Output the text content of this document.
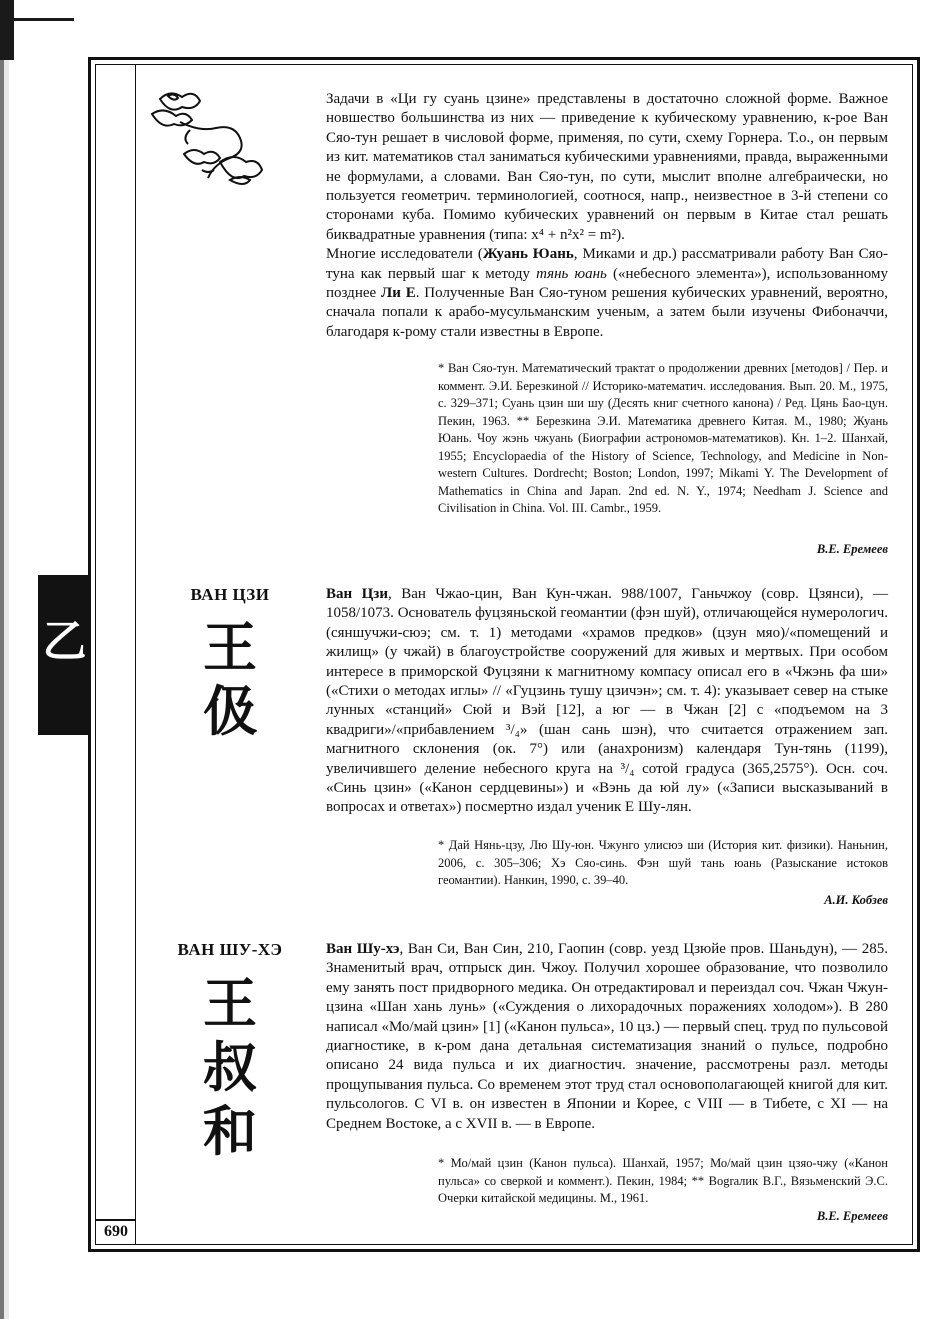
690
乙

Задачи в «Ци гу суань цзине» представлены в достаточно сложной форме. Важное новшество большинства из них — приведение к кубическому уравнению, к-рое Ван Сяо-тун решает в числовой форме, применяя, по сути, схему Горнера. Т.о., он первым из кит. математиков стал заниматься кубическими уравнениями, правда, выраженными не формулами, а словами. Ван Сяо-тун, по сути, мыслит вполне алгебраически, но пользуется геометрич. терминологией, соотнося, напр., неизвестное в 3-й степени со сторонами куба. Помимо кубических уравнений он первым в Китае стал решать биквадратные уравнения (типа: x⁴ + n²x² = m²).

Многие исследователи (Жуань Юань, Миками и др.) рассматривали работу Ван Сяо-туна как первый шаг к методу тянь юань («небесного элемента»), использованному позднее Ли Е. Полученные Ван Сяо-туном решения кубических уравнений, вероятно, сначала попали к арабо-мусульманским ученым, а затем были изучены Фибоначчи, благодаря к-рому стали известны в Европе.

* Ван Сяо-тун. Математический трактат о продолжении древних [методов] / Пер. и коммент. Э.И. Березкиной // Историко-математич. исследования. Вып. 20. М., 1975, с. 329–371; Суань цзин ши шу (Десять книг счетного канона) / Ред. Цянь Бао-цун. Пекин, 1963. ** Березкина Э.И. Математика древнего Китая. М., 1980; Жуань Юань. Чоу жэнь чжуань (Биографии астрономов-математиков). Кн. 1–2. Шанхай, 1955; Encyclopaedia of the History of Science, Technology, and Medicine in Non-western Cultures. Dordrecht; Boston; London, 1997; Mikami Y. The Development of Mathematics in China and Japan. 2nd ed. N. Y., 1974; Needham J. Science and Civilisation in China. Vol. III. Cambr., 1959.

В.Е. Еремеев
ВАН ЦЗИ
王
伋

Ван Цзи, Ван Чжао-цин, Ван Кун-чжан. 988/1007, Ганьчжоу (совр. Цзянси), — 1058/1073. Основатель фуцзяньской геомантии (фэн шуй), отличающейся нумерологич. (сяншучжи-сюэ; см. т. 1) методами «храмов предков» (цзун мяо)/«помещений и жилищ» (у чжай) в благоустройстве сооружений для живых и мертвых. При особом интересе в приморской Фуцзяни к магнитному компасу описал его в «Чжэнь фа ши» («Стихи о методах иглы» // «Гуцзинь тушу цзичэн»; см. т. 4): указывает север на стыке лунных «станций» Сюй и Вэй [12], а юг — в Чжан [2] с «подъемом на 3 квадриги»/«прибавлением ³/₄» (шан сань шэн), что считается отражением зап. магнитного склонения (ок. 7°) или (анахронизм) календаря Тун-тянь (1199), увеличившего деление небесного круга на ³/₄ сотой градуса (365,2575°). Осн. соч. «Синь цзин» («Канон сердцевины») и «Вэнь да юй лу» («Записи высказываний в вопросах и ответах») посмертно издал ученик Е Шу-лян.

* Дай Нянь-цзу, Лю Шу-юн. Чжунго улисюэ ши (История кит. физики). Наньнин, 2006, с. 305–306; Хэ Сяо-синь. Фэн шуй тань юань (Разыскание истоков геомантии). Нанкин, 1990, с. 39–40.

А.И. Кобзев
ВАН ШУ-ХЭ
王
叔
和

Ван Шу-хэ, Ван Си, Ван Син, 210, Гаопин (совр. уезд Цзюйе пров. Шаньдун), — 285. Знаменитый врач, отпрыск дин. Чжоу. Получил хорошее образование, что позволило ему занять пост придворного медика. Он отредактировал и переиздал соч. Чжан Чжун-цзина «Шан хань лунь» («Суждения о лихорадочных поражениях холодом»). В 280 написал «Мо/май цзин» [1] («Канон пульса», 10 цз.) — первый спец. труд по пульсовой диагностике, в к-ром дана детальная систематизация знаний о пульсе, подробно описано 24 вида пульса и их диагностич. значение, рассмотрены разл. методы прощупывания пульса. Со временем этот труд стал основополагающей книгой для кит. пульсологов. С VI в. он известен в Японии и Корее, с VIII — в Тибете, с XI — на Среднем Востоке, а с XVII в. — в Европе.

* Мо/май цзин (Канон пульса). Шанхай, 1957; Мо/май цзин цзяо-чжу («Канон пульса» со сверкой и коммент.). Пекин, 1984; ** Вograлик В.Г., Вязьменский Э.С. Очерки китайской медицины. М., 1961.

В.Е. Еремеев
